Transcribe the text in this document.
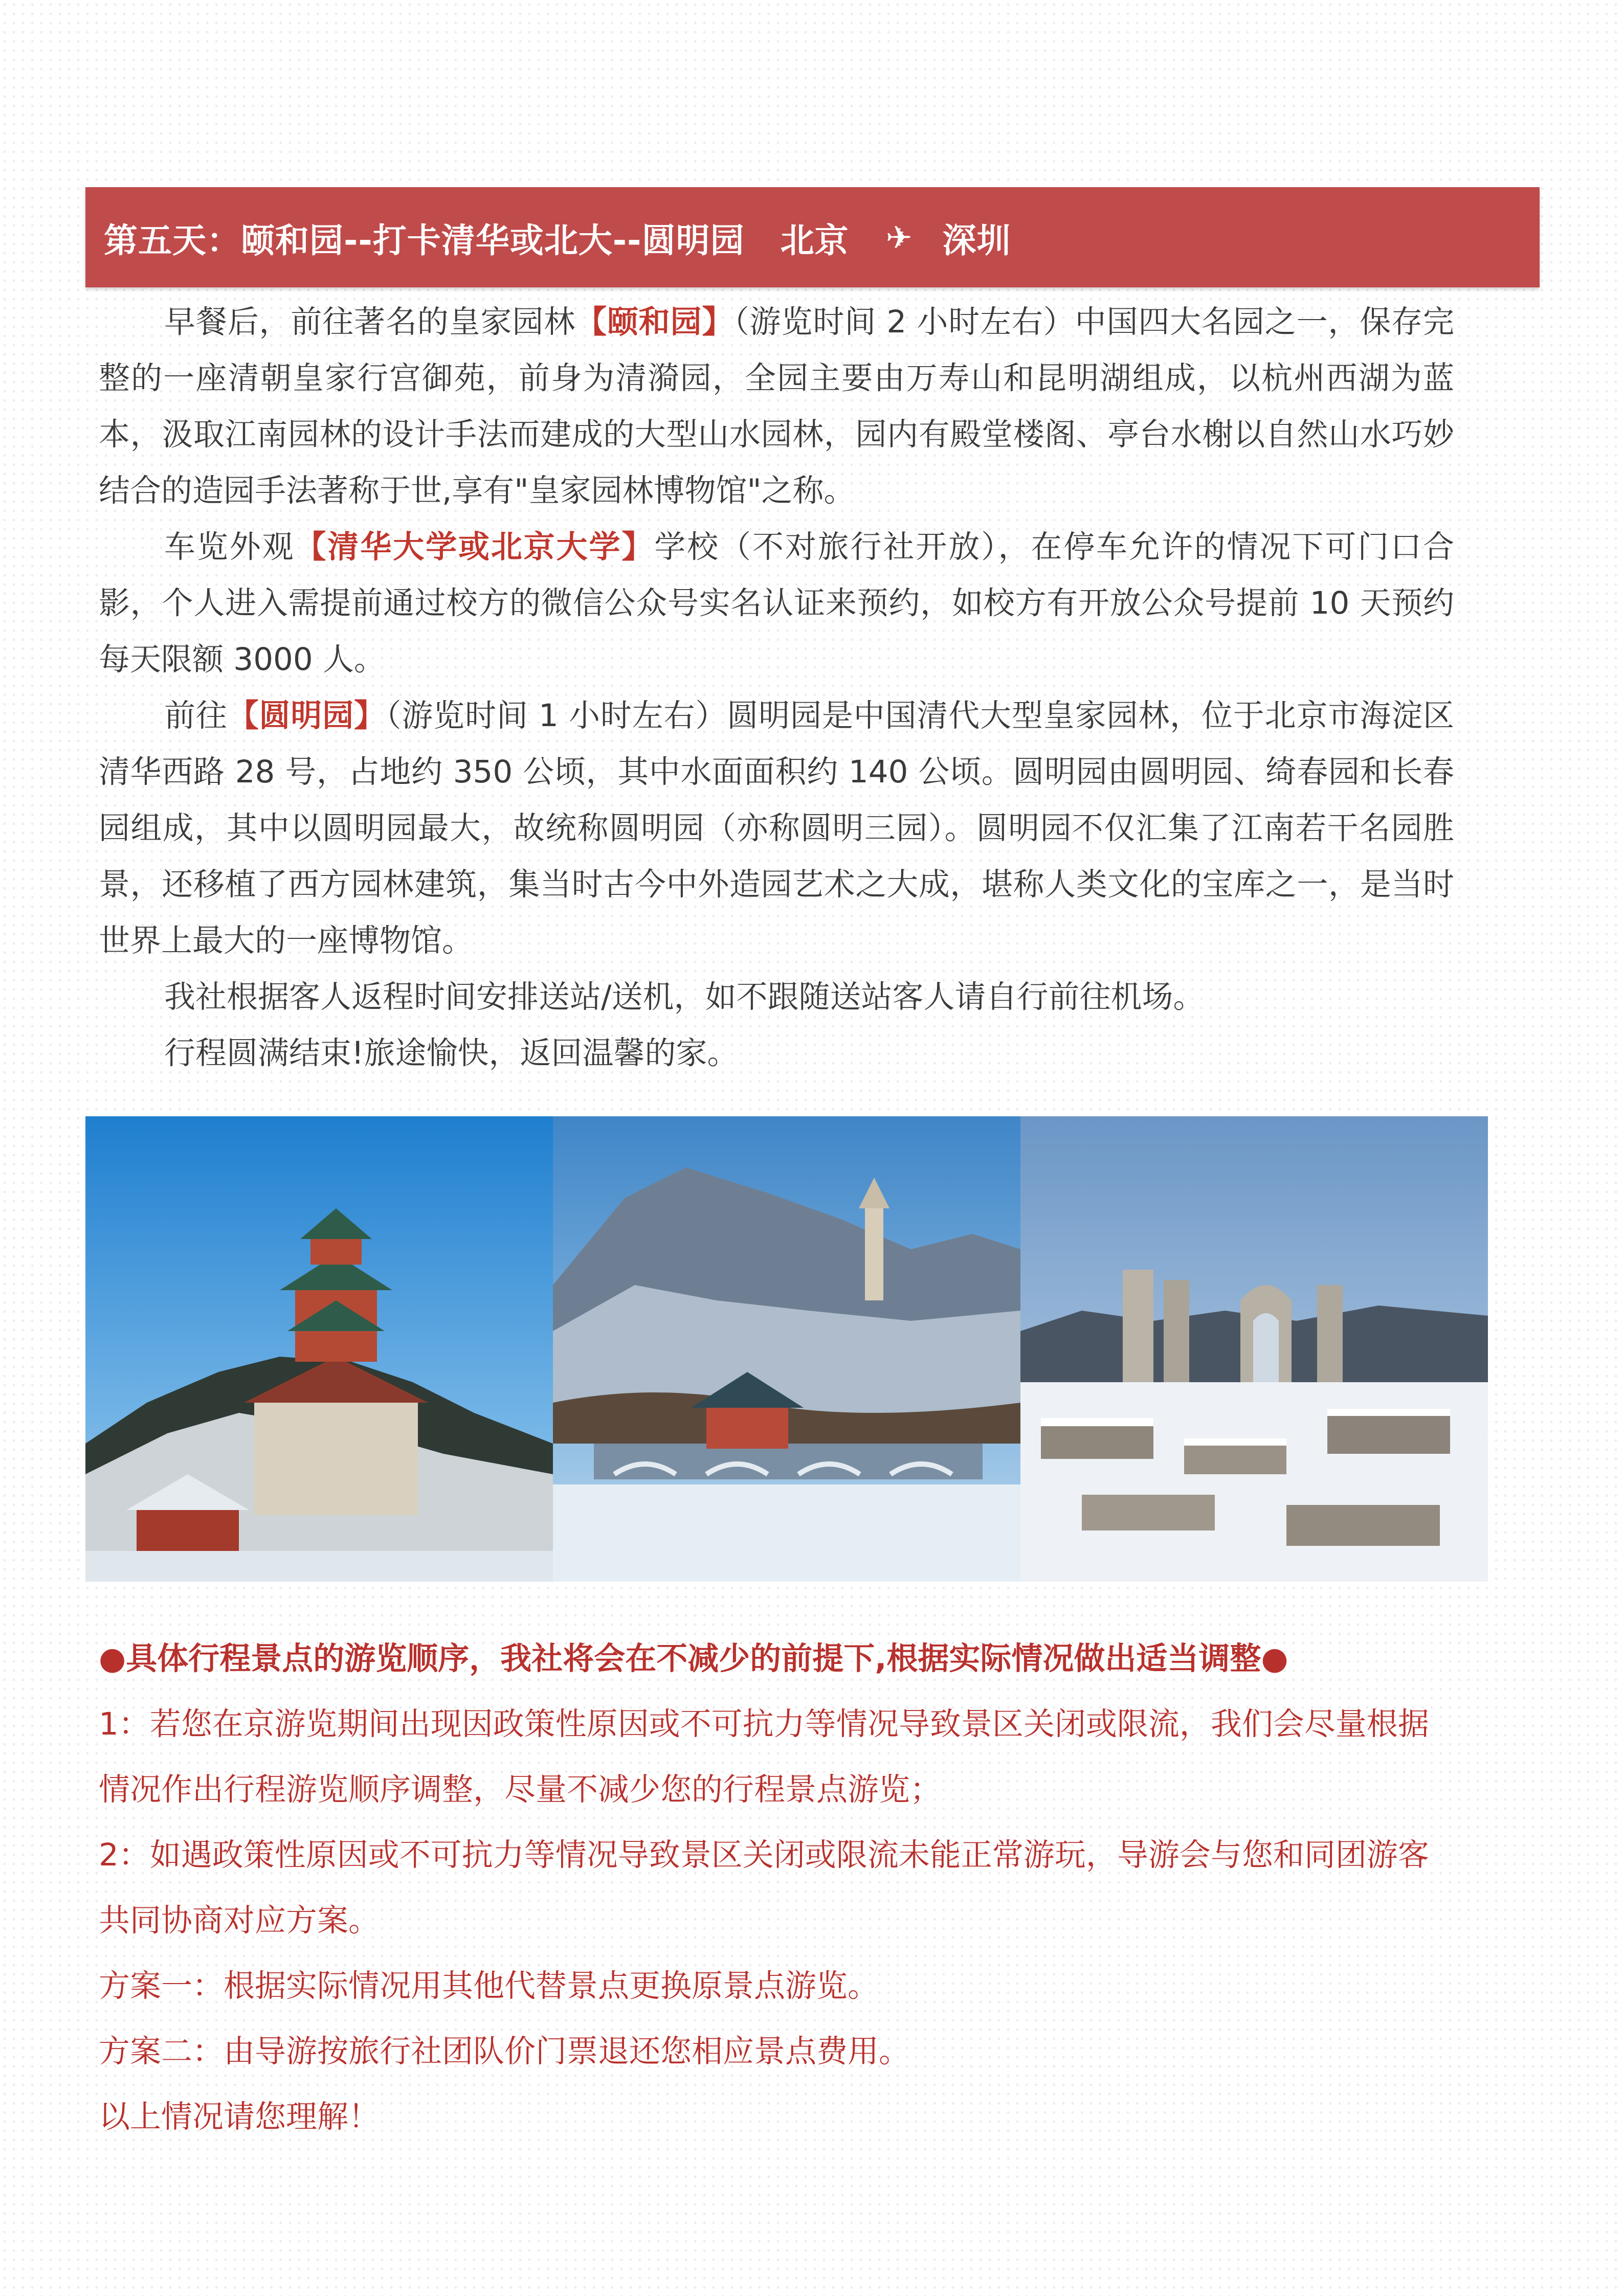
第五天：颐和园--打卡清华或北大--圆明园 北京 ✈ 深圳

早餐后，前往著名的皇家园林【颐和园】（游览时间 2 小时左右）中国四大名园之一，保存完整的一座清朝皇家行宫御苑，前身为清漪园，全园主要由万寿山和昆明湖组成，以杭州西湖为蓝本，汲取江南园林的设计手法而建成的大型山水园林，园内有殿堂楼阁、亭台水榭以自然山水巧妙结合的造园手法著称于世,享有"皇家园林博物馆"之称。

车览外观【清华大学或北京大学】学校（不对旅行社开放），在停车允许的情况下可门口合影，个人进入需提前通过校方的微信公众号实名认证来预约，如校方有开放公众号提前 10 天预约每天限额 3000 人。

前往【圆明园】（游览时间 1 小时左右）圆明园是中国清代大型皇家园林，位于北京市海淀区清华西路 28 号，占地约 350 公顷，其中水面面积约 140 公顷。圆明园由圆明园、绮春园和长春园组成，其中以圆明园最大，故统称圆明园（亦称圆明三园）。圆明园不仅汇集了江南若干名园胜景，还移植了西方园林建筑，集当时古今中外造园艺术之大成，堪称人类文化的宝库之一，是当时世界上最大的一座博物馆。

我社根据客人返程时间安排送站/送机，如不跟随送站客人请自行前往机场。

行程圆满结束!旅途愉快，返回温馨的家。

●具体行程景点的游览顺序，我社将会在不减少的前提下,根据实际情况做出适当调整●

1：若您在京游览期间出现因政策性原因或不可抗力等情况导致景区关闭或限流，我们会尽量根据情况作出行程游览顺序调整，尽量不减少您的行程景点游览；

2：如遇政策性原因或不可抗力等情况导致景区关闭或限流未能正常游玩，导游会与您和同团游客共同协商对应方案。

方案一：根据实际情况用其他代替景点更换原景点游览。

方案二：由导游按旅行社团队价门票退还您相应景点费用。

以上情况请您理解！
